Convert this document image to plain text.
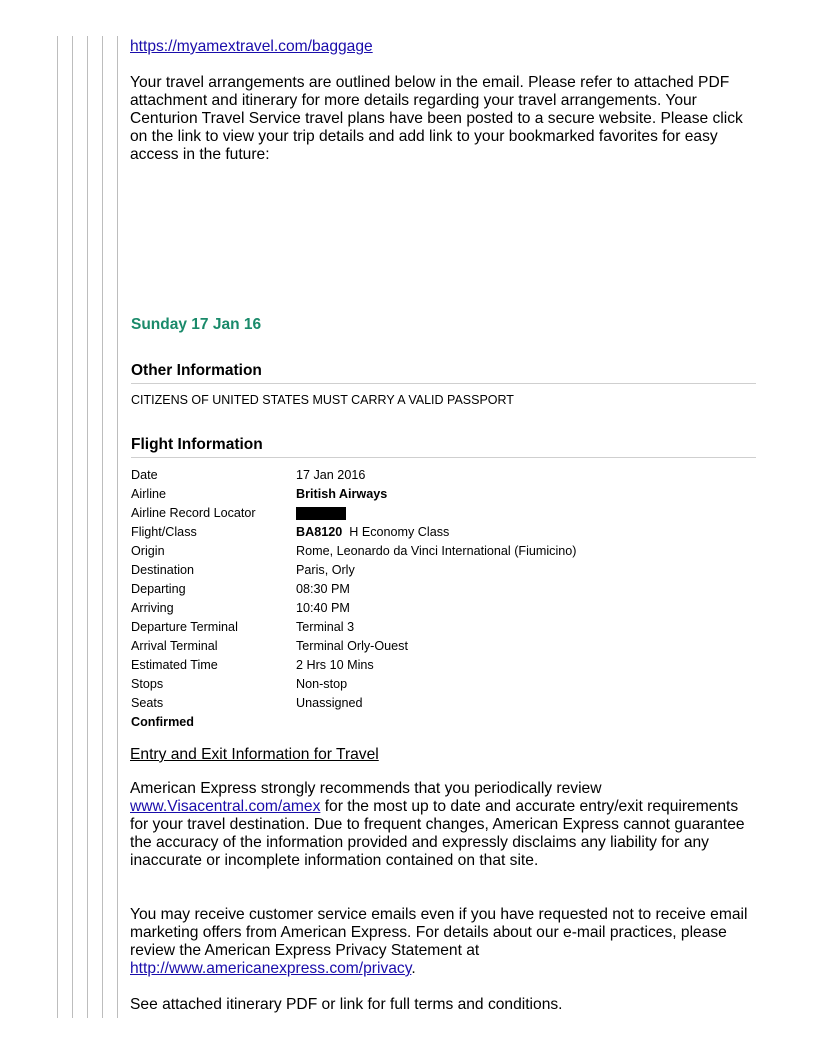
https://myamextravel.com/baggage

Your travel arrangements are outlined below in the email. Please refer to attached PDF attachment and itinerary for more details regarding your travel arrangements. Your Centurion Travel Service travel plans have been posted to a secure website. Please click on the link to view your trip details and add link to your bookmarked favorites for easy access in the future:

Sunday 17 Jan 16
Other Information
CITIZENS OF UNITED STATES MUST CARRY A VALID PASSPORT
Flight Information
Date	17 Jan 2016
Airline	British Airways
Airline Record Locator	
Flight/Class	BA8120 H Economy Class
Origin	Rome, Leonardo da Vinci International (Fiumicino)
Destination	Paris, Orly
Departing	08:30 PM
Arriving	10:40 PM
Departure Terminal	Terminal 3
Arrival Terminal	Terminal Orly-Ouest
Estimated Time	2 Hrs 10 Mins
Stops	Non-stop
Seats	Unassigned
Confirmed	

Entry and Exit Information for Travel

American Express strongly recommends that you periodically review www.Visacentral.com/amex for the most up to date and accurate entry/exit requirements for your travel destination. Due to frequent changes, American Express cannot guarantee the accuracy of the information provided and expressly disclaims any liability for any inaccurate or incomplete information contained on that site.

You may receive customer service emails even if you have requested not to receive email marketing offers from American Express. For details about our e-mail practices, please review the American Express Privacy Statement at http://www.americanexpress.com/privacy.

See attached itinerary PDF or link for full terms and conditions.
